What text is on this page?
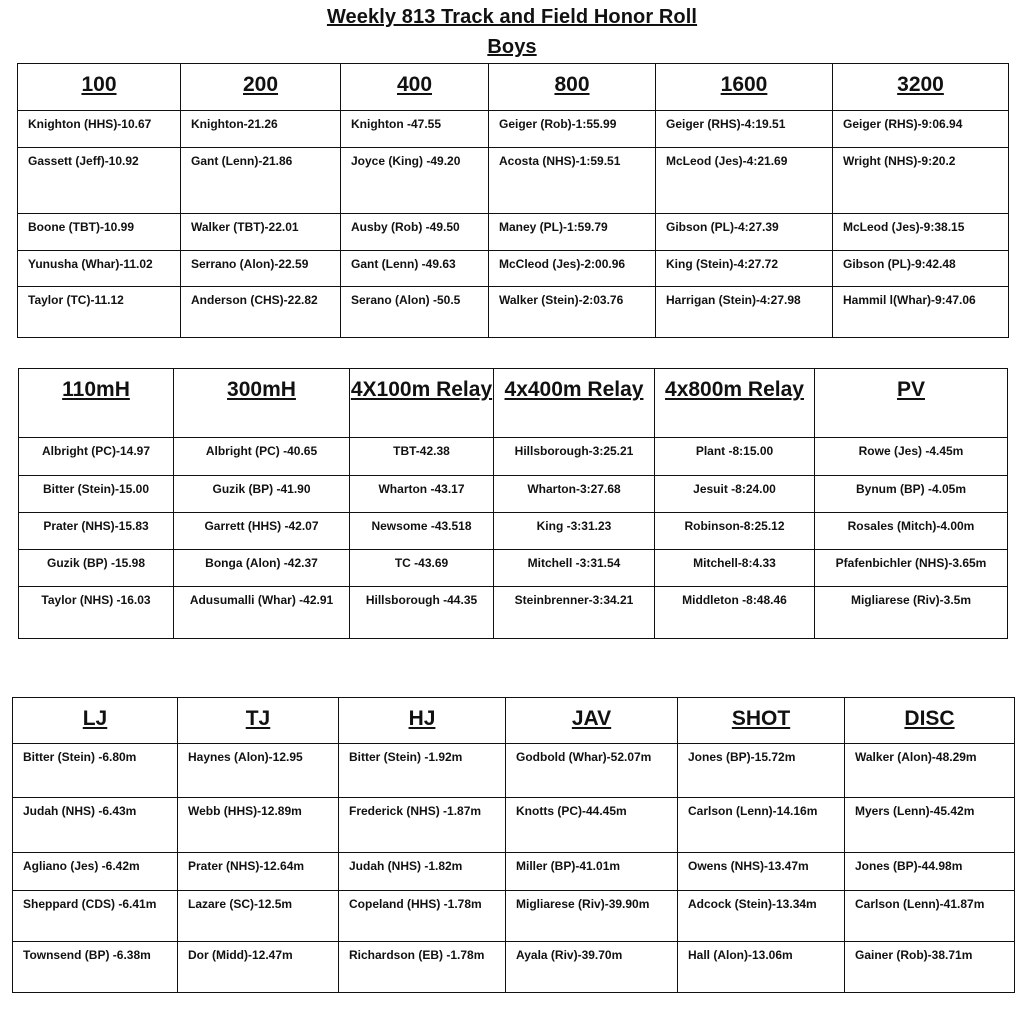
Weekly 813 Track and Field Honor Roll
Boys
100	200	400	800	1600	3200
Knighton (HHS)-10.67	Knighton-21.26	Knighton -47.55	Geiger (Rob)-1:55.99	Geiger (RHS)-4:19.51	Geiger (RHS)-9:06.94
Gassett (Jeff)-10.92	Gant (Lenn)-21.86	Joyce (King) -49.20	Acosta (NHS)-1:59.51	McLeod (Jes)-4:21.69	Wright (NHS)-9:20.2
Boone (TBT)-10.99	Walker (TBT)-22.01	Ausby (Rob) -49.50	Maney (PL)-1:59.79	Gibson (PL)-4:27.39	McLeod (Jes)-9:38.15
Yunusha (Whar)-11.02	Serrano (Alon)-22.59	Gant (Lenn) -49.63	McCleod (Jes)-2:00.96	King (Stein)-4:27.72	Gibson (PL)-9:42.48
Taylor (TC)-11.12	Anderson (CHS)-22.82	Serano (Alon) -50.5	Walker (Stein)-2:03.76	Harrigan (Stein)-4:27.98	Hammil l(Whar)-9:47.06
110mH	300mH	4X100m Relay	4x400m Relay	4x800m Relay	PV
Albright (PC)-14.97	Albright (PC) -40.65	TBT-42.38	Hillsborough-3:25.21	Plant -8:15.00	Rowe (Jes) -4.45m
Bitter (Stein)-15.00	Guzik (BP) -41.90	Wharton -43.17	Wharton-3:27.68	Jesuit -8:24.00	Bynum (BP) -4.05m
Prater (NHS)-15.83	Garrett (HHS) -42.07	Newsome -43.518	King -3:31.23	Robinson-8:25.12	Rosales (Mitch)-4.00m
Guzik (BP) -15.98	Bonga (Alon) -42.37	TC -43.69	Mitchell -3:31.54	Mitchell-8:4.33	Pfafenbichler (NHS)-3.65m
Taylor (NHS) -16.03	Adusumalli (Whar) -42.91	Hillsborough -44.35	Steinbrenner-3:34.21	Middleton -8:48.46	Migliarese (Riv)-3.5m
LJ	TJ	HJ	JAV	SHOT	DISC
Bitter (Stein) -6.80m	Haynes (Alon)-12.95	Bitter (Stein) -1.92m	Godbold (Whar)-52.07m	Jones (BP)-15.72m	Walker (Alon)-48.29m
Judah (NHS) -6.43m	Webb (HHS)-12.89m	Frederick (NHS) -1.87m	Knotts (PC)-44.45m	Carlson (Lenn)-14.16m	Myers (Lenn)-45.42m
Agliano (Jes) -6.42m	Prater (NHS)-12.64m	Judah (NHS) -1.82m	Miller (BP)-41.01m	Owens (NHS)-13.47m	Jones (BP)-44.98m
Sheppard (CDS) -6.41m	Lazare (SC)-12.5m	Copeland (HHS) -1.78m	Migliarese (Riv)-39.90m	Adcock (Stein)-13.34m	Carlson (Lenn)-41.87m
Townsend (BP) -6.38m	Dor (Midd)-12.47m	Richardson (EB) -1.78m	Ayala (Riv)-39.70m	Hall (Alon)-13.06m	Gainer (Rob)-38.71m
